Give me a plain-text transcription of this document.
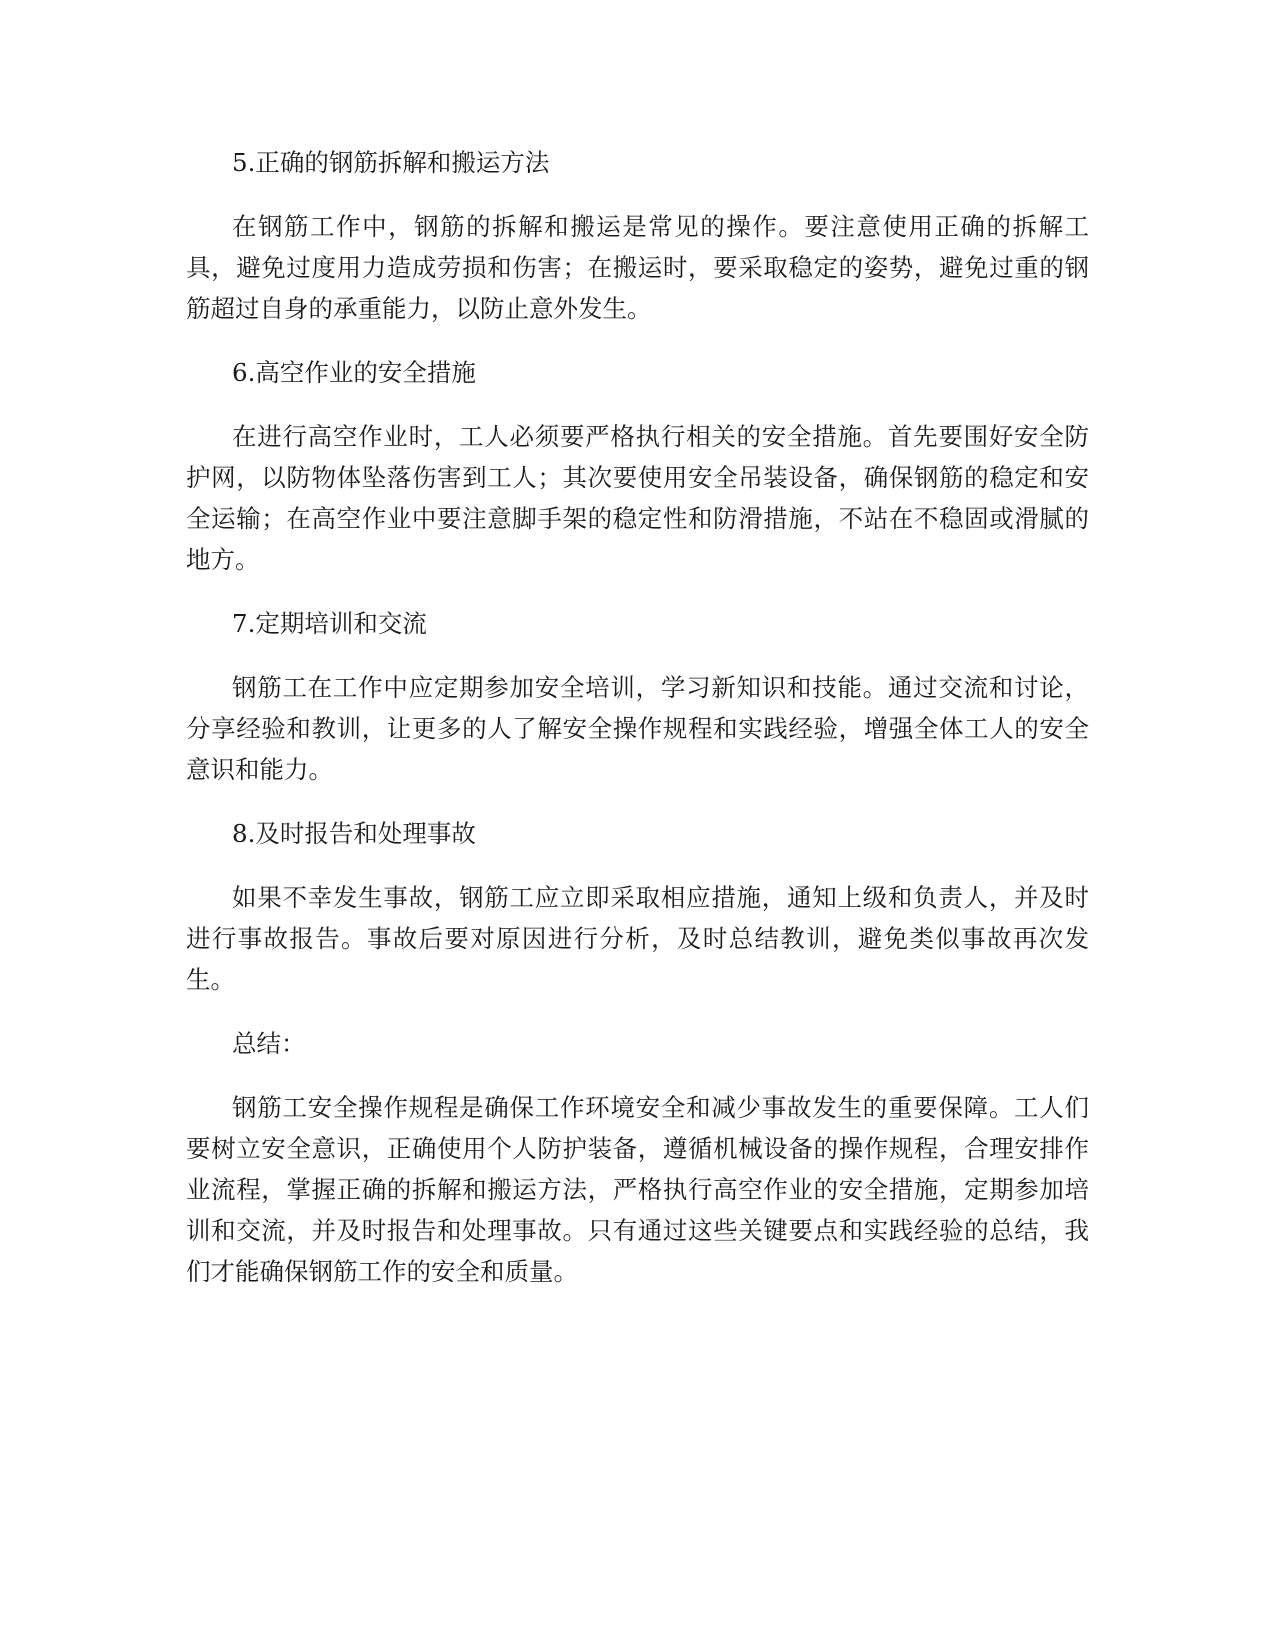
5.正确的钢筋拆解和搬运方法

在钢筋工作中，钢筋的拆解和搬运是常见的操作。要注意使用正确的拆解工具，避免过度用力造成劳损和伤害；在搬运时，要采取稳定的姿势，避免过重的钢筋超过自身的承重能力，以防止意外发生。

6.高空作业的安全措施

在进行高空作业时，工人必须要严格执行相关的安全措施。首先要围好安全防护网，以防物体坠落伤害到工人；其次要使用安全吊装设备，确保钢筋的稳定和安全运输；在高空作业中要注意脚手架的稳定性和防滑措施，不站在不稳固或滑腻的地方。

7.定期培训和交流

钢筋工在工作中应定期参加安全培训，学习新知识和技能。通过交流和讨论，分享经验和教训，让更多的人了解安全操作规程和实践经验，增强全体工人的安全意识和能力。

8.及时报告和处理事故

如果不幸发生事故，钢筋工应立即采取相应措施，通知上级和负责人，并及时进行事故报告。事故后要对原因进行分析，及时总结教训，避免类似事故再次发生。

总结：

钢筋工安全操作规程是确保工作环境安全和减少事故发生的重要保障。工人们要树立安全意识，正确使用个人防护装备，遵循机械设备的操作规程，合理安排作业流程，掌握正确的拆解和搬运方法，严格执行高空作业的安全措施，定期参加培训和交流，并及时报告和处理事故。只有通过这些关键要点和实践经验的总结，我们才能确保钢筋工作的安全和质量。
